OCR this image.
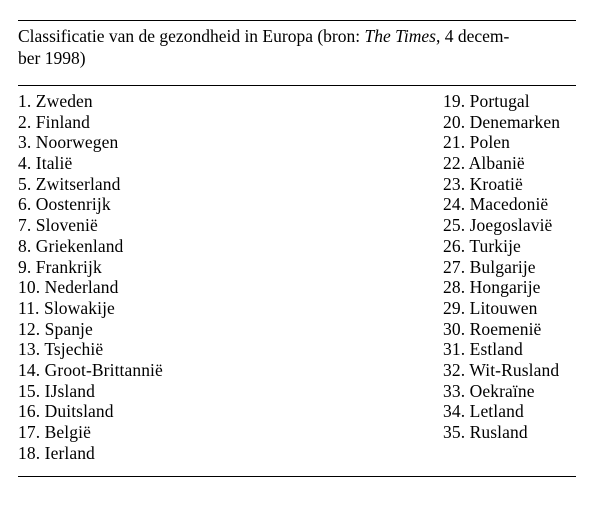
Classificatie van de gezondheid in Europa (bron: The Times, 4 decem-
ber 1998)

1. Zweden
2. Finland
3. Noorwegen
4. Italië
5. Zwitserland
6. Oostenrijk
7. Slovenië
8. Griekenland
9. Frankrijk
10. Nederland
11. Slowakije
12. Spanje
13. Tsjechië
14. Groot-Brittannië
15. IJsland
16. Duitsland
17. België
18. Ierland
19. Portugal
20. Denemarken
21. Polen
22. Albanië
23. Kroatië
24. Macedonië
25. Joegoslavië
26. Turkije
27. Bulgarije
28. Hongarije
29. Litouwen
30. Roemenië
31. Estland
32. Wit-Rusland
33. Oekraïne
34. Letland
35. Rusland
